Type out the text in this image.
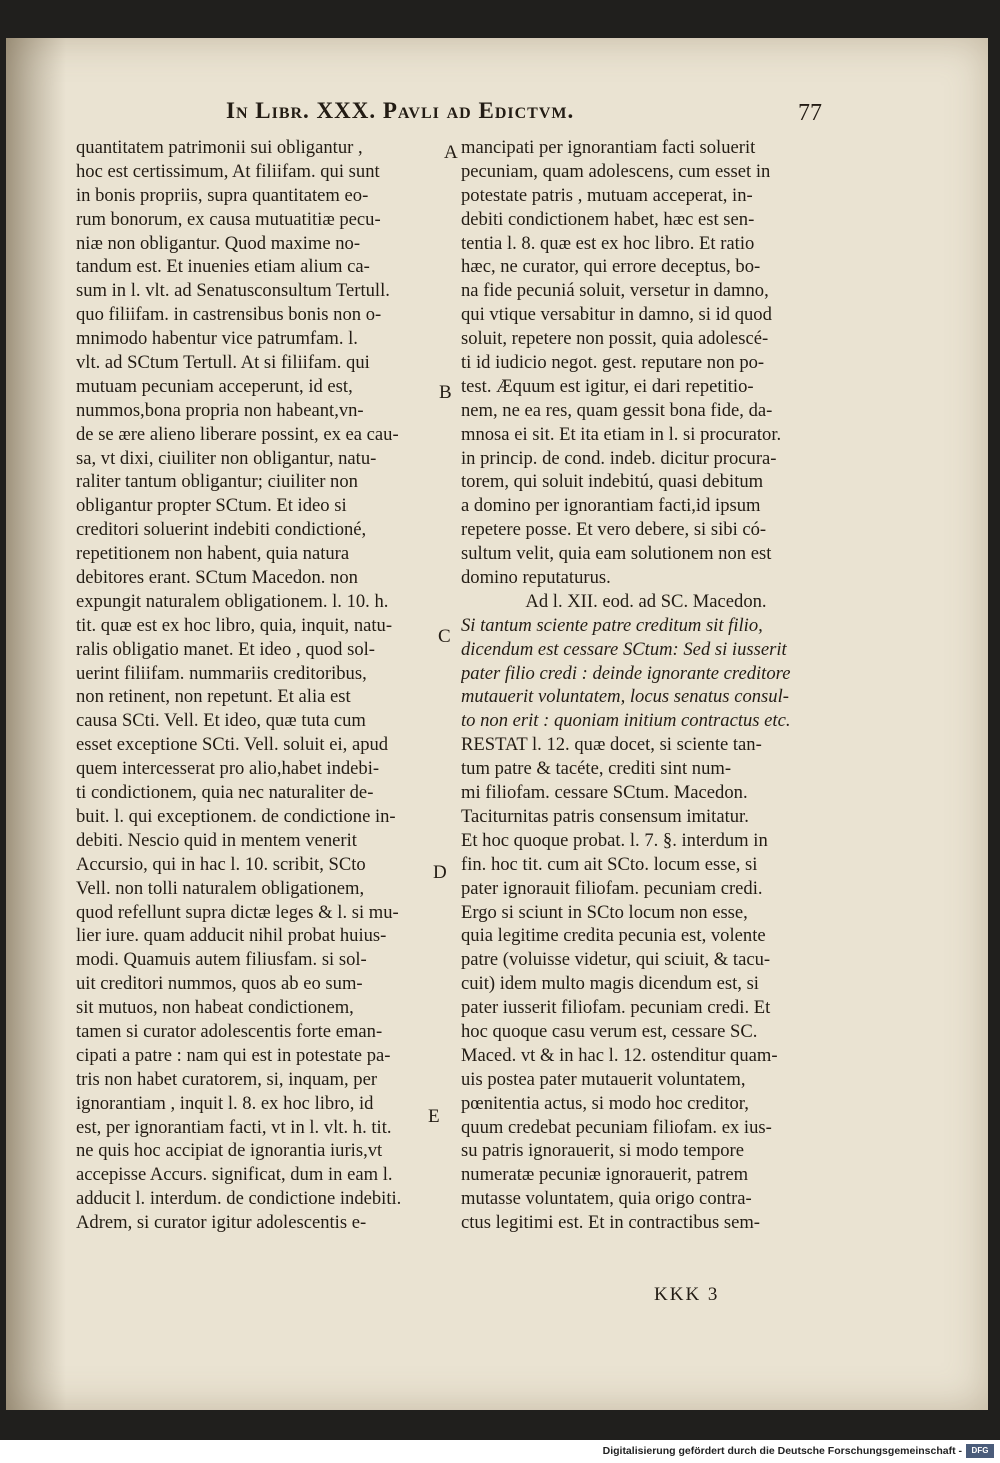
In Libr. XXX. Pavli ad Edictvm.	77
quantitatem patrimonii sui obligantur ,
hoc est certissimum, At filiifam. qui sunt
in bonis propriis, supra quantitatem eo-
rum bonorum, ex causa mutuatitiæ pecu-
niæ non obligantur. Quod maxime no-
tandum est. Et inuenies etiam alium ca-
sum in l. vlt. ad Senatusconsultum Tertull.
quo filiifam. in castrensibus bonis non o-
mnimodo habentur vice patrumfam. l.
vlt. ad SCtum Tertull. At si filiifam. qui
mutuam pecuniam acceperunt, id est,
nummos,bona propria non habeant,vn-
de se ære alieno liberare possint, ex ea cau-
sa, vt dixi, ciuiliter non obligantur, natu-
raliter tantum obligantur; ciuiliter non
obligantur propter SCtum. Et ideo si
creditori soluerint indebiti condictioné,
repetitionem non habent, quia natura
debitores erant. SCtum Macedon. non
expungit naturalem obligationem. l. 10. h.
tit. quæ est ex hoc libro, quia, inquit, natu-
ralis obligatio manet. Et ideo , quod sol-
uerint filiifam. nummariis creditoribus,
non retinent, non repetunt. Et alia est
causa SCti. Vell. Et ideo, quæ tuta cum
esset exceptione SCti. Vell. soluit ei, apud
quem intercesserat pro alio,habet indebi-
ti condictionem, quia nec naturaliter de-
buit. l. qui exceptionem. de condictione in-
debiti. Nescio quid in mentem venerit
Accursio, qui in hac l. 10. scribit, SCto
Vell. non tolli naturalem obligationem,
quod refellunt supra dictæ leges & l. si mu-
lier iure. quam adducit nihil probat huius-
modi. Quamuis autem filiusfam. si sol-
uit creditori nummos, quos ab eo sum-
sit mutuos, non habeat condictionem,
tamen si curator adolescentis forte eman-
cipati a patre : nam qui est in potestate pa-
tris non habet curatorem, si, inquam, per
ignorantiam , inquit l. 8. ex hoc libro, id
est, per ignorantiam facti, vt in l. vlt. h. tit.
ne quis hoc accipiat de ignorantia iuris,vt
accepisse Accurs. significat, dum in eam l.
adducit l. interdum. de condictione indebiti.
Adrem, si curator igitur adolescentis e-
mancipati per ignorantiam facti soluerit
pecuniam, quam adolescens, cum esset in
potestate patris , mutuam acceperat, in-
debiti condictionem habet, hæc est sen-
tentia l. 8. quæ est ex hoc libro. Et ratio
hæc, ne curator, qui errore deceptus, bo-
na fide pecuniá soluit, versetur in damno,
qui vtique versabitur in damno, si id quod
soluit, repetere non possit, quia adolescé-
ti id iudicio negot. gest. reputare non po-
test. Æquum est igitur, ei dari repetitio-
nem, ne ea res, quam gessit bona fide, da-
mnosa ei sit. Et ita etiam in l. si procurator.
in princip. de cond. indeb. dicitur procura-
torem, qui soluit indebitú, quasi debitum
a domino per ignorantiam facti,id ipsum
repetere posse. Et vero debere, si sibi có-
sultum velit, quia eam solutionem non est
domino reputaturus.
Ad l. XII. eod. ad SC. Macedon.
Si tantum sciente patre creditum sit filio,
dicendum est cessare SCtum: Sed si iusserit
pater filio credi : deinde ignorante creditore
mutauerit voluntatem, locus senatus consul-
to non erit : quoniam initium contractus etc.
RESTAT l. 12. quæ docet, si sciente tan-
tum patre & tacéte, crediti sint num-
mi filiofam. cessare SCtum. Macedon.
Taciturnitas patris consensum imitatur.
Et hoc quoque probat. l. 7. §. interdum in
fin. hoc tit. cum ait SCto. locum esse, si
pater ignorauit filiofam. pecuniam credi.
Ergo si sciunt in SCto locum non esse,
quia legitime credita pecunia est, volente
patre (voluisse videtur, qui sciuit, & tacu-
cuit) idem multo magis dicendum est, si
pater iusserit filiofam. pecuniam credi. Et
hoc quoque casu verum est, cessare SC.
Maced. vt & in hac l. 12. ostenditur quam-
uis postea pater mutauerit voluntatem,
pœnitentia actus, si modo hoc creditor,
quum credebat pecuniam filiofam. ex ius-
su patris ignorauerit, si modo tempore
numeratæ pecuniæ ignorauerit, patrem
mutasse voluntatem, quia origo contra-
ctus legitimi est. Et in contractibus sem-
A
B
C
D
E
KKK 3
Digitalisierung gefördert durch die Deutsche Forschungsgemeinschaft -	DFG
